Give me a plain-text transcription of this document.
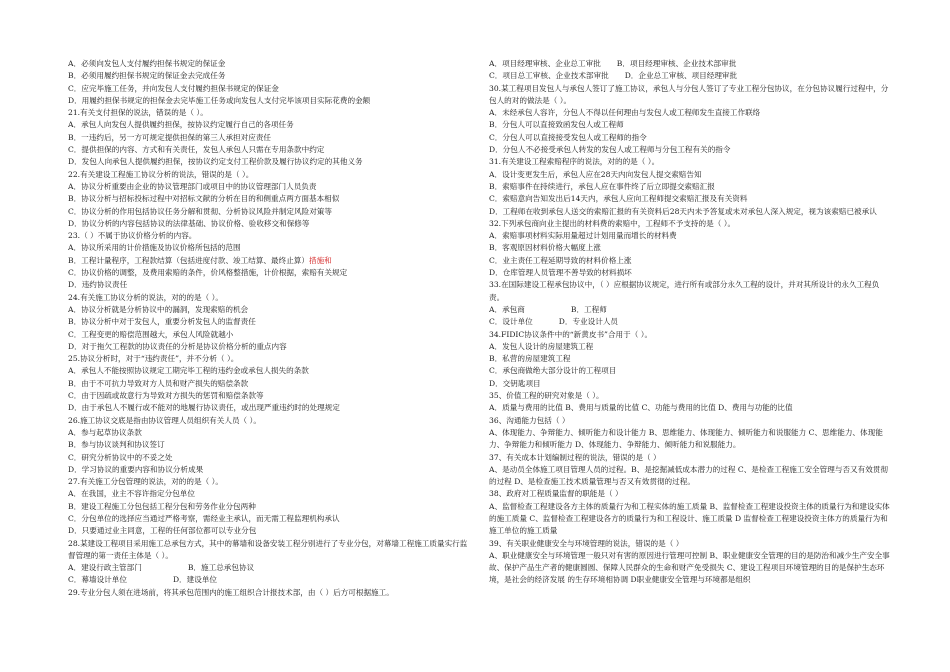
A．必须向发包人支付履约担保书规定的保证金
B．必须用履约担保书规定的保证金去完成任务
C．应完毕施工任务，并向发包人支付履约担保书规定的保证金
D．用履约担保书规定的担保金去完毕施工任务或向发包人支付完毕该项目实际花费的金额
21.有关支付担保的说法，错误的是（ ）。
A．承包人向发包人提供履约担保，按协议约定履行自己的各项任务
B．一违约后，另一方可规定提供担保的第三人承担对应责任
C．提供担保的内容、方式和有关责任，发包人承包人只需在专用条款中约定
D．发包人向承包人提供履约担保，按协议约定支付工程价款及履行协议约定的其他义务
22.有关建设工程施工协议分析的说法，错误的是（ ）。
A．协议分析重要由企业的协议管理部门或项目中的协议管理部门人员负责
B．协议分析与招标投标过程中对招标文献的分析在目的和侧重点两方面基本相似
C．协议分析的作用包括协议任务分解和贯彻、分析协议风险并制定风险对策等
D．协议分析的内容包括协议的法律基础、协议价格、验收移交和保修等
23.（ ）不属于协议价格分析的内容。
A．协议所采用的计价措施及协议价格所包括的范围
B．工程计量程序，工程款结算（包括进度付款、竣工结算、最终止算）措施和
C．协议价格的调整，及费用索赔的条件，价风格整措施，计价根据，索赔有关规定
D．违约协议责任
24.有关施工协议分析的说法，对的的是（ ）。
A．协议分析就是分析协议中的漏洞，发现索赔的机会
B．协议分析中对于发包人，重要分析发包人的监督责任
C．工程变更的赔偿范围越大，承包人风险就越小
D．对于拖欠工程款的协议责任的分析是协议价格分析的重点内容
25.协议分析时，对于“违约责任”，并不分析（ ）。
A．承包人不能按照协议规定工期完毕工程的违约金或承包人损失的条款
B．由于不可抗力导致对方人员和财产损失的赔偿条款
C．由于因疏或故意行为导致对方损失的惩罚和赔偿条款等
D．由于承包人不履行或不能对的地履行协议责任，或出现严重违约时的处理规定
26.施工协议交底是指由协议管理人员组织有关人员（ ）。
A．参与起草协议条款
B．参与协议谈判和协议签订
C．研究分析协议中的不妥之处
D．学习协议的重要内容和协议分析成果
27.有关施工分包管理的说法，对的的是（ ）。
A．在我国，业主不容许指定分包单位
B．建设工程施工分包包括工程分包和劳务作业分包两种
C．分包单位的选择应当通过严格考察，需经业主承认，而无需工程监理机构承认
D．只要通过业主同意，工程的任何部位都可以专业分包
28.某建设工程项目采用施工总承包方式，其中的幕墙和设备安装工程分别进行了专业分包，对幕墙工程施工质量实行监督管理的第一责任主体是（ ）。
A．建设行政主管部门	B．施工总承包协议
C．幕墙设计单位	D．建设单位
29.专业分包人须在进场前，将其承包范围内的施工组织合计报技术部，由（ ）后方可根据施工。
A．项目经理审核、企业总工审批 B．项目经理审核、企业技术部审批
C．项目总工审核、企业技术部审批 D．企业总工审核、项目经理审批
30.某工程项目发包人与承包人签订了施工协议，承包人与分包人签订了专业工程分包协议，在分包协议履行过程中，分包人的对的做法是（ ）。
A．未经承包人容许，分包人不得以任何理由与发包人或工程师发生直接工作联络
B．分包人可以直接致函发包人或工程师
C．分包人可以直接接受发包人或工程师的指令
D．分包人不必接受承包人转发的发包人或工程师与分包工程有关的指令
31.有关建设工程索赔程序的说法，对的的是（ ）。
A．设计变更发生后，承包人应在28天内向发包人提交索赔告知
B．索赔事件在持续进行，承包人应在事件终了后立即提交索赔汇报
C．索赔意向告知发出后14天内，承包人应向工程师提交索赔汇报及有关资料
D．工程师在收到承包人送交的索赔汇报的有关资料后28天内未予答复或未对承包人深入规定，视为该索赔已被承认
32.下列承包商向业主提出的材料费的索赔中，工程师不予支持的是（ ）。
A．索赔事项材料实际用量超过计划用量而增长的材料费
B．客观原因材料价格大幅度上涨
C．业主责任工程延期导致的材料价格上涨
D．仓库管理人员管理不善导致的材料损坏
33.在国际建设工程承包协议中，（ ）应根据协议规定，进行所有或部分永久工程的设计，并对其所设计的永久工程负责。
A．承包商	B．工程师
C．设计单位	D．专业设计人员
34.FIDIC协议条件中的“新黄皮书”合用于（ ）。
A．发包人设计的房屋建筑工程
B．私营的房屋建筑工程
C．承包商做绝大部分设计的工程项目
D．交钥匙项目
35、价值工程的研究对象是（ ）。
A．质量与费用的比值 B、费用与质量的比值 C、功能与费用的比值 D、费用与功能的比值
36、沟通能力包括（ ）
A、体现能力、争辩能力、倾听能力和设计能力 B、思维能力、体现能力、倾听能力和说服能力 C、思维能力、体现能力、争辩能力和倾听能力 D、体现能力、争辩能力、倾听能力和说服能力。
37、有关成本计划编制过程的说法，错误的是（ ）
A、是动员全体施工项目管理人员的过程。B、是挖掘减低成本潜力的过程 C、是检查工程施工安全管理与否又有效贯彻的过程 D、是检查施工技术质量管理与否又有效贯彻的过程。
38、政府对工程质量监督的职能是（ ）
A、监督检查工程建设各方主体的质量行为和工程实体的施工质量 B、监督检查工程建设投资主体的质量行为和建设实体的施工质量 C、监督检查工程建设各方的质量行为和工程设计、施工质量 D 监督检查工程建设投资主体方的质量行为和施工单位的施工质量
39、有关职业健康安全与环境管理的说法，错误的是（ ）
A、职业健康安全与环境管理一般只对有害的原因进行管理可控制 B、职业健康安全管理的目的是防治和减少生产安全事故、保护产品生产者的健康圆圆、保障人民群众的生命和财产免受损失 C、建设工程项目环境管理的目的是保护生态环境，是社会的经济发展 的生存环境相协调 D职业健康安全管理与环境都是组织
